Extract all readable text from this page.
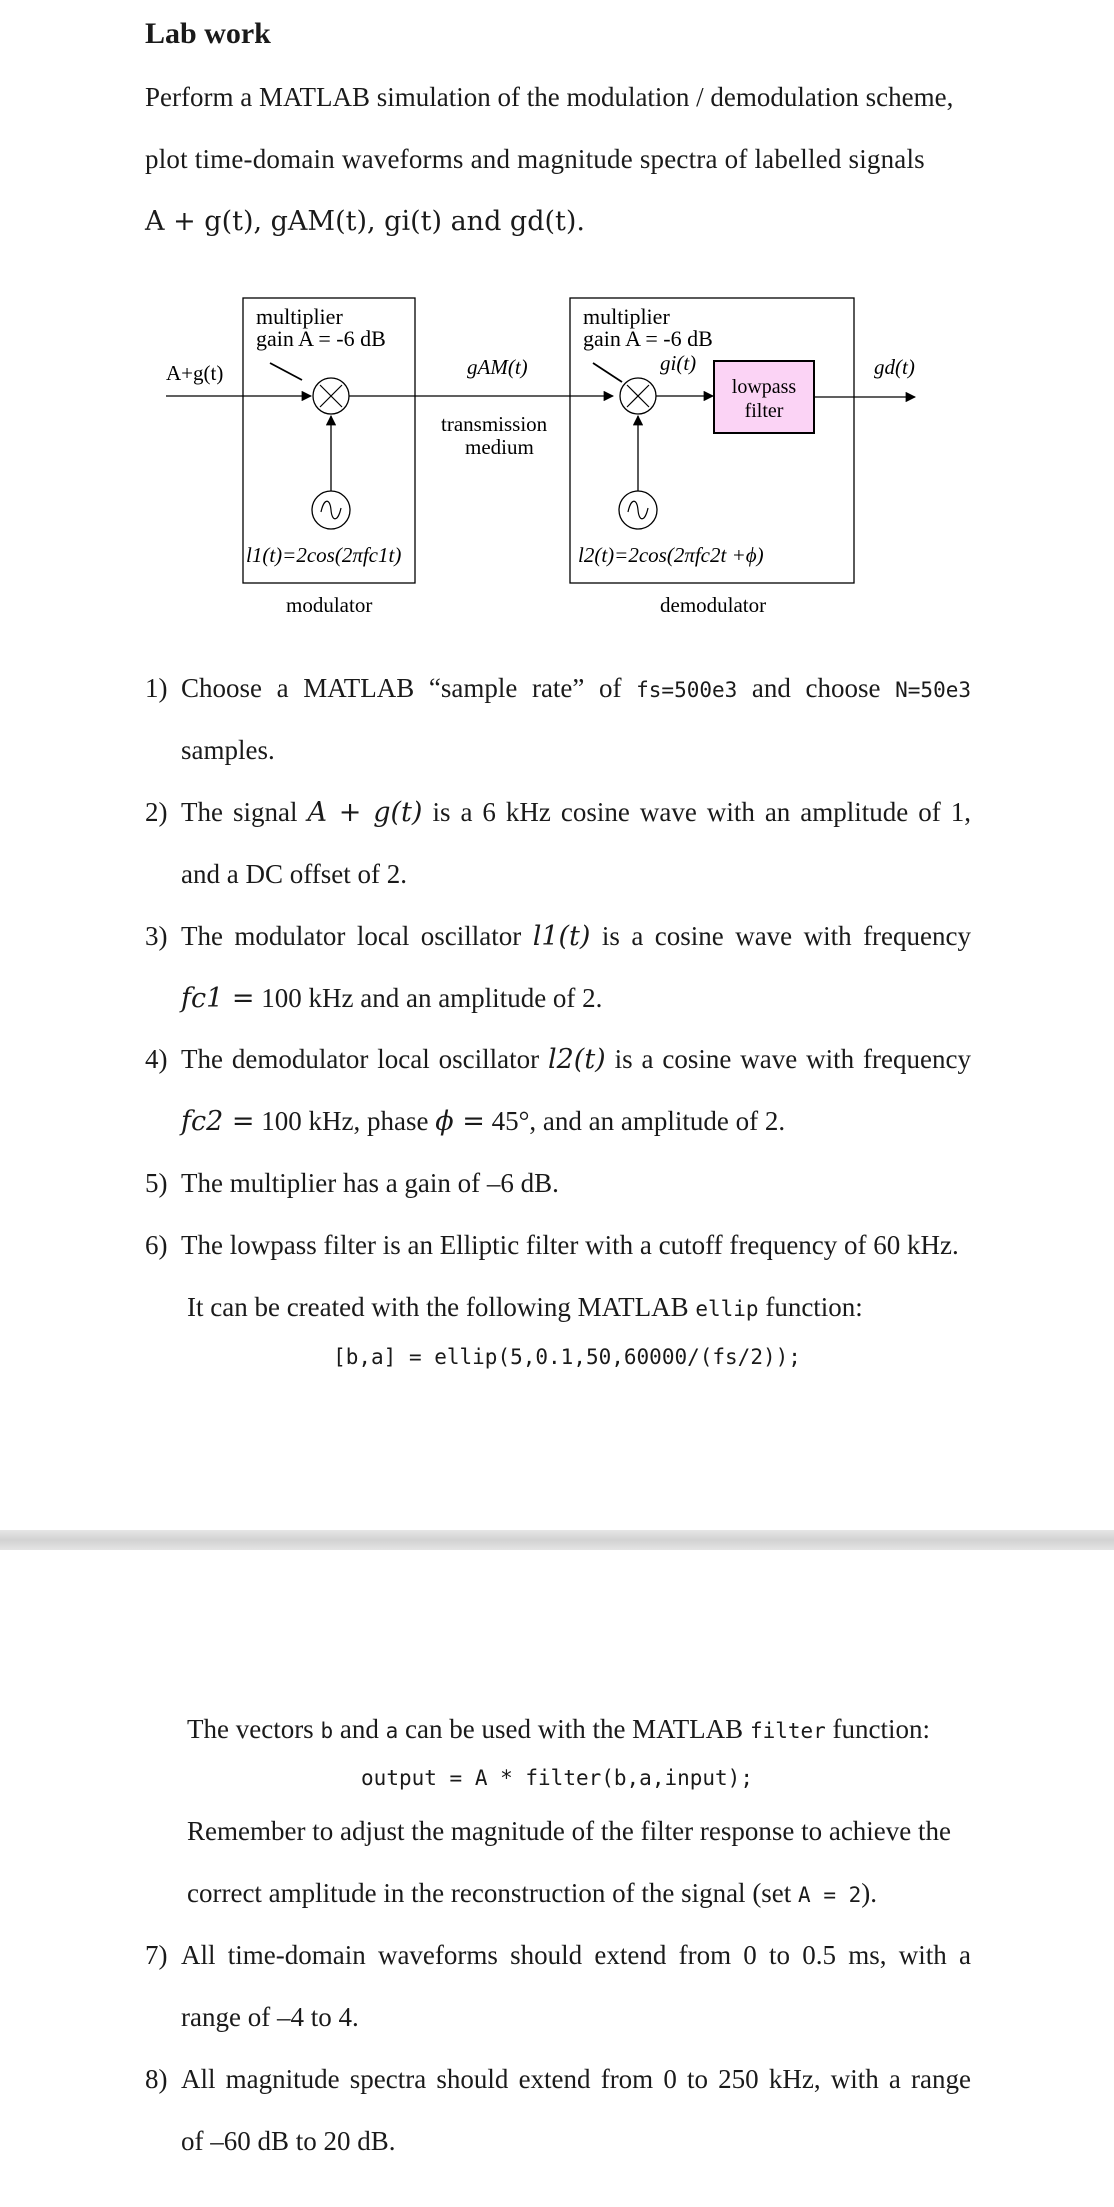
Lab work
Perform a MATLAB simulation of the modulation / demodulation scheme,
plot time-domain waveforms and magnitude spectra of labelled signals
A + g(t), gAM(t), gi(t) and gd(t).
multiplier
gain A = -6 dB
A+g(t)
l1(t)=2cos(2πfc1t)
modulator
gAM(t)
transmission
medium
multiplier
gain A = -6 dB
gi(t)
lowpass
filter
gd(t)
l2(t)=2cos(2πfc2t +ϕ)
demodulator
1) Choose a MATLAB “sample rate” of fs=500e3 and choose N=50e3
samples.
2) The signal A + g(t) is a 6 kHz cosine wave with an amplitude of 1,
and a DC offset of 2.
3) The modulator local oscillator l1(t) is a cosine wave with frequency
fc1 = 100 kHz and an amplitude of 2.
4) The demodulator local oscillator l2(t) is a cosine wave with frequency
fc2 = 100 kHz, phase ϕ = 45°, and an amplitude of 2.
5) The multiplier has a gain of –6 dB.
6) The lowpass filter is an Elliptic filter with a cutoff frequency of 60 kHz.
It can be created with the following MATLAB ellip function:
[b,a] = ellip(5,0.1,50,60000/(fs/2));
The vectors b and a can be used with the MATLAB filter function:
output = A * filter(b,a,input);
Remember to adjust the magnitude of the filter response to achieve the
correct amplitude in the reconstruction of the signal (set A = 2).
7) All time-domain waveforms should extend from 0 to 0.5 ms, with a
range of –4 to 4.
8) All magnitude spectra should extend from 0 to 250 kHz, with a range
of –60 dB to 20 dB.
